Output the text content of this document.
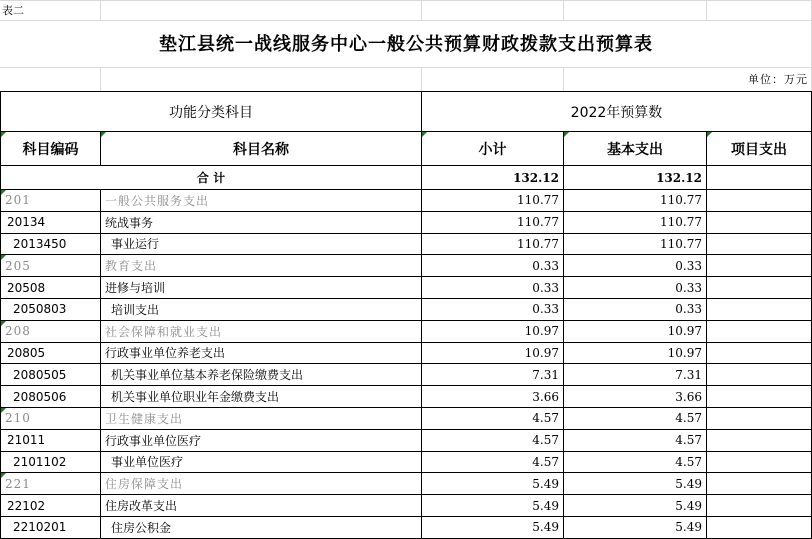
表二
垫江县统一战线服务中心一般公共预算财政拨款支出预算表
单位：万元
功能分类科目		2022年预算数		

科目编码	科目名称	小计	基本支出	项目支出
合 计		132.12	132.12	

201	一般公共服务支出	110.77	110.77	
20134	统战事务	110.77	110.77	
2013450	事业运行	110.77	110.77	

205	教育支出	0.33	0.33	
20508	进修与培训	0.33	0.33	
2050803	培训支出	0.33	0.33	

208	社会保障和就业支出	10.97	10.97	
20805	行政事业单位养老支出	10.97	10.97	
2080505	机关事业单位基本养老保险缴费支出	7.31	7.31	
2080506	机关事业单位职业年金缴费支出	3.66	3.66	

210	卫生健康支出	4.57	4.57	
21011	行政事业单位医疗	4.57	4.57	
2101102	事业单位医疗	4.57	4.57	

221	住房保障支出	5.49	5.49	
22102	住房改革支出	5.49	5.49	
2210201	住房公积金	5.49	5.49	
